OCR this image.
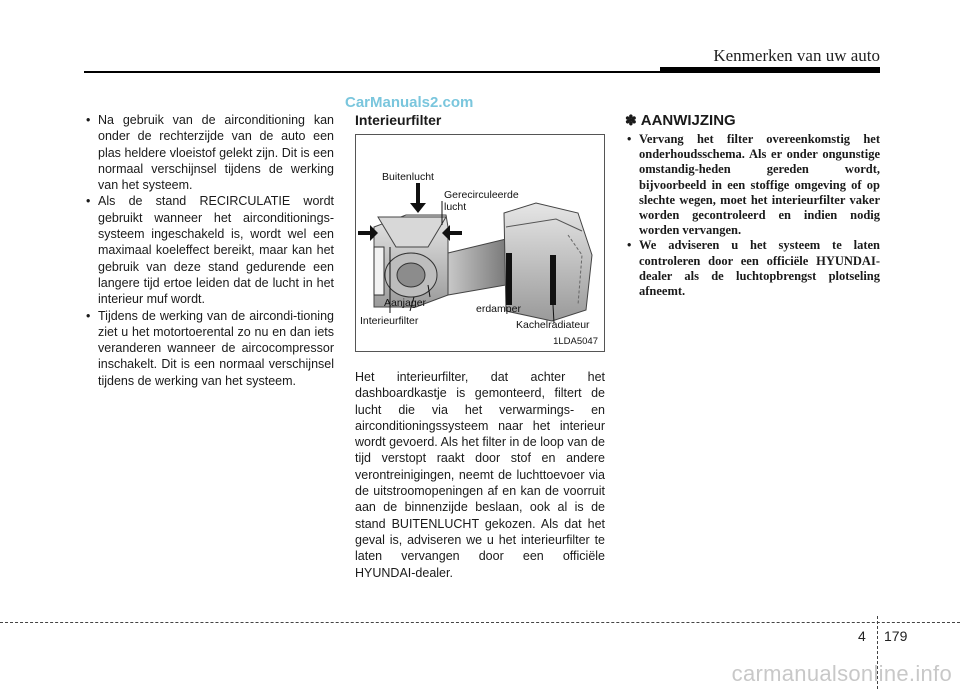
Kenmerken van uw auto
CarManuals2.com
• Na gebruik van de airconditioning kan onder de rechterzijde van de auto een plas heldere vloeistof gelekt zijn. Dit is een normaal verschijnsel tijdens de werking van het systeem.
• Als de stand RECIRCULATIE wordt gebruikt wanneer het airconditionings-systeem ingeschakeld is, wordt wel een maximaal koeleffect bereikt, maar kan het gebruik van deze stand gedurende een langere tijd ertoe leiden dat de lucht in het interieur muf wordt.
• Tijdens de werking van de aircondi-tioning ziet u het motortoerental zo nu en dan iets veranderen wanneer de aircocompressor inschakelt. Dit is een normaal verschijnsel tijdens de werking van het systeem.
Interieurfilter
Buitenlucht
Gerecirculeerde lucht
Aanjager
Interieurfilter
erdamper
Kachelradiateur
1LDA5047
Het interieurfilter, dat achter het dashboardkastje is gemonteerd, filtert de lucht die via het verwarmings- en airconditioningssysteem naar het interieur wordt gevoerd. Als het filter in de loop van de tijd verstopt raakt door stof en andere verontreinigingen, neemt de luchttoevoer via de uitstroomopeningen af en kan de voorruit aan de binnenzijde beslaan, ook al is de stand BUITENLUCHT gekozen. Als dat het geval is, adviseren we u het interieurfilter te laten vervangen door een officiële HYUNDAI-dealer.
✽ AANWIJZING
• Vervang het filter overeenkomstig het onderhoudsschema. Als er onder ongunstige omstandig-heden gereden wordt, bijvoorbeeld in een stoffige omgeving of op slechte wegen, moet het interieurfilter vaker worden gecontroleerd en indien nodig worden vervangen.
• We adviseren u het systeem te laten controleren door een officiële HYUNDAI-dealer als de luchtopbrengst plotseling afneemt.
4 179
carmanualsonline.info
